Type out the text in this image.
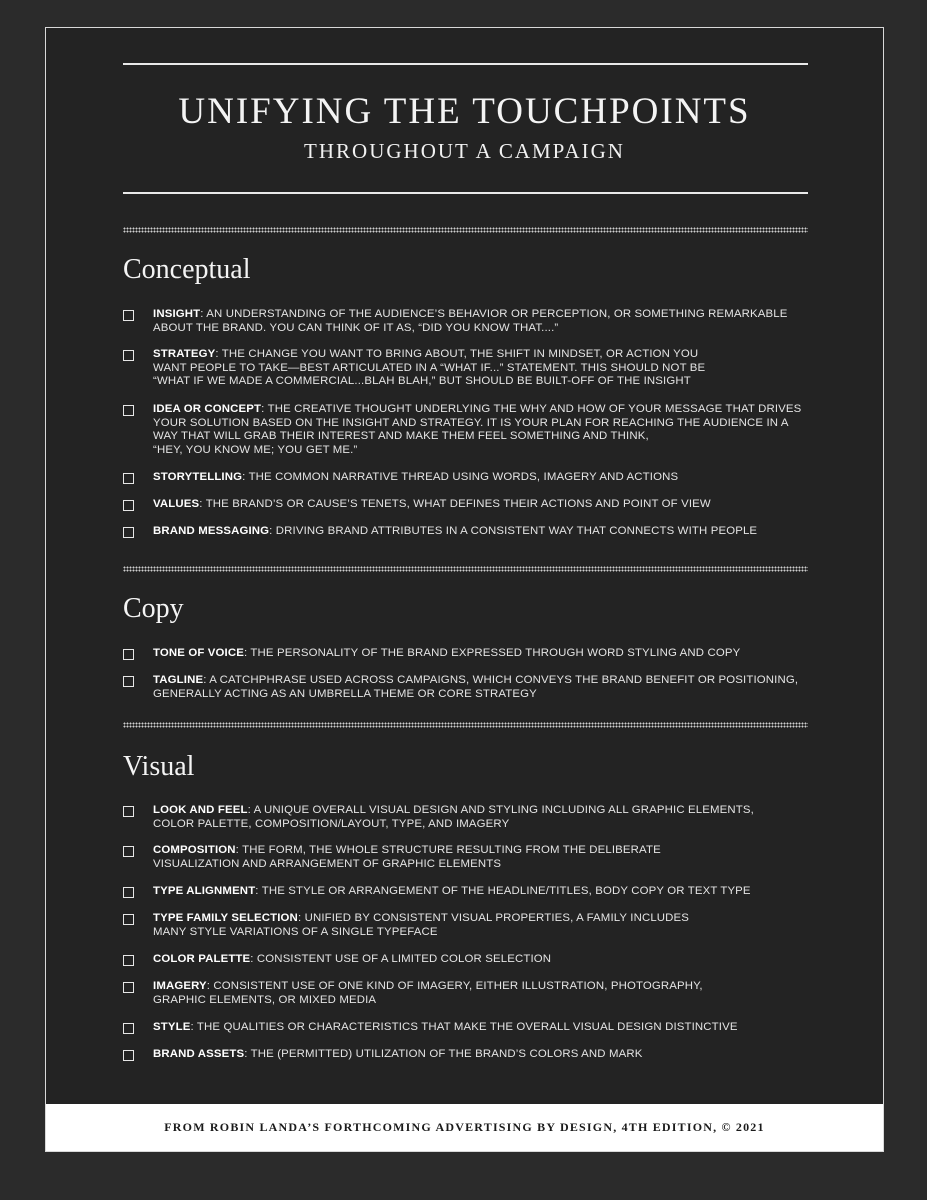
UNIFYING THE TOUCHPOINTS
THROUGHOUT A CAMPAIGN
Conceptual
INSIGHT: AN UNDERSTANDING OF THE AUDIENCE’S BEHAVIOR OR PERCEPTION, OR SOMETHING REMARKABLE
ABOUT THE BRAND. YOU CAN THINK OF IT AS, “DID YOU KNOW THAT....”
STRATEGY: THE CHANGE YOU WANT TO BRING ABOUT, THE SHIFT IN MINDSET, OR ACTION YOU
WANT PEOPLE TO TAKE—BEST ARTICULATED IN A “WHAT IF...” STATEMENT. THIS SHOULD NOT BE
“WHAT IF WE MADE A COMMERCIAL...BLAH BLAH,” BUT SHOULD BE BUILT-OFF OF THE INSIGHT
IDEA OR CONCEPT: THE CREATIVE THOUGHT UNDERLYING THE WHY AND HOW OF YOUR MESSAGE THAT DRIVES
YOUR SOLUTION BASED ON THE INSIGHT AND STRATEGY. IT IS YOUR PLAN FOR REACHING THE AUDIENCE IN A
WAY THAT WILL GRAB THEIR INTEREST AND MAKE THEM FEEL SOMETHING AND THINK,
“HEY, YOU KNOW ME; YOU GET ME.”
STORYTELLING: THE COMMON NARRATIVE THREAD USING WORDS, IMAGERY AND ACTIONS
VALUES: THE BRAND’S OR CAUSE’S TENETS, WHAT DEFINES THEIR ACTIONS AND POINT OF VIEW
BRAND MESSAGING: DRIVING BRAND ATTRIBUTES IN A CONSISTENT WAY THAT CONNECTS WITH PEOPLE
Copy
TONE OF VOICE: THE PERSONALITY OF THE BRAND EXPRESSED THROUGH WORD STYLING AND COPY
TAGLINE: A CATCHPHRASE USED ACROSS CAMPAIGNS, WHICH CONVEYS THE BRAND BENEFIT OR POSITIONING,
GENERALLY ACTING AS AN UMBRELLA THEME OR CORE STRATEGY
Visual
LOOK AND FEEL: A UNIQUE OVERALL VISUAL DESIGN AND STYLING INCLUDING ALL GRAPHIC ELEMENTS,
COLOR PALETTE, COMPOSITION/LAYOUT, TYPE, AND IMAGERY
COMPOSITION: THE FORM, THE WHOLE STRUCTURE RESULTING FROM THE DELIBERATE
VISUALIZATION AND ARRANGEMENT OF GRAPHIC ELEMENTS
TYPE ALIGNMENT: THE STYLE OR ARRANGEMENT OF THE HEADLINE/TITLES, BODY COPY OR TEXT TYPE
TYPE FAMILY SELECTION: UNIFIED BY CONSISTENT VISUAL PROPERTIES, A FAMILY INCLUDES
MANY STYLE VARIATIONS OF A SINGLE TYPEFACE
COLOR PALETTE: CONSISTENT USE OF A LIMITED COLOR SELECTION
IMAGERY: CONSISTENT USE OF ONE KIND OF IMAGERY, EITHER ILLUSTRATION, PHOTOGRAPHY,
GRAPHIC ELEMENTS, OR MIXED MEDIA
STYLE: THE QUALITIES OR CHARACTERISTICS THAT MAKE THE OVERALL VISUAL DESIGN DISTINCTIVE
BRAND ASSETS: THE (PERMITTED) UTILIZATION OF THE BRAND’S COLORS AND MARK
FROM ROBIN LANDA’S FORTHCOMING ADVERTISING BY DESIGN, 4TH EDITION, © 2021
